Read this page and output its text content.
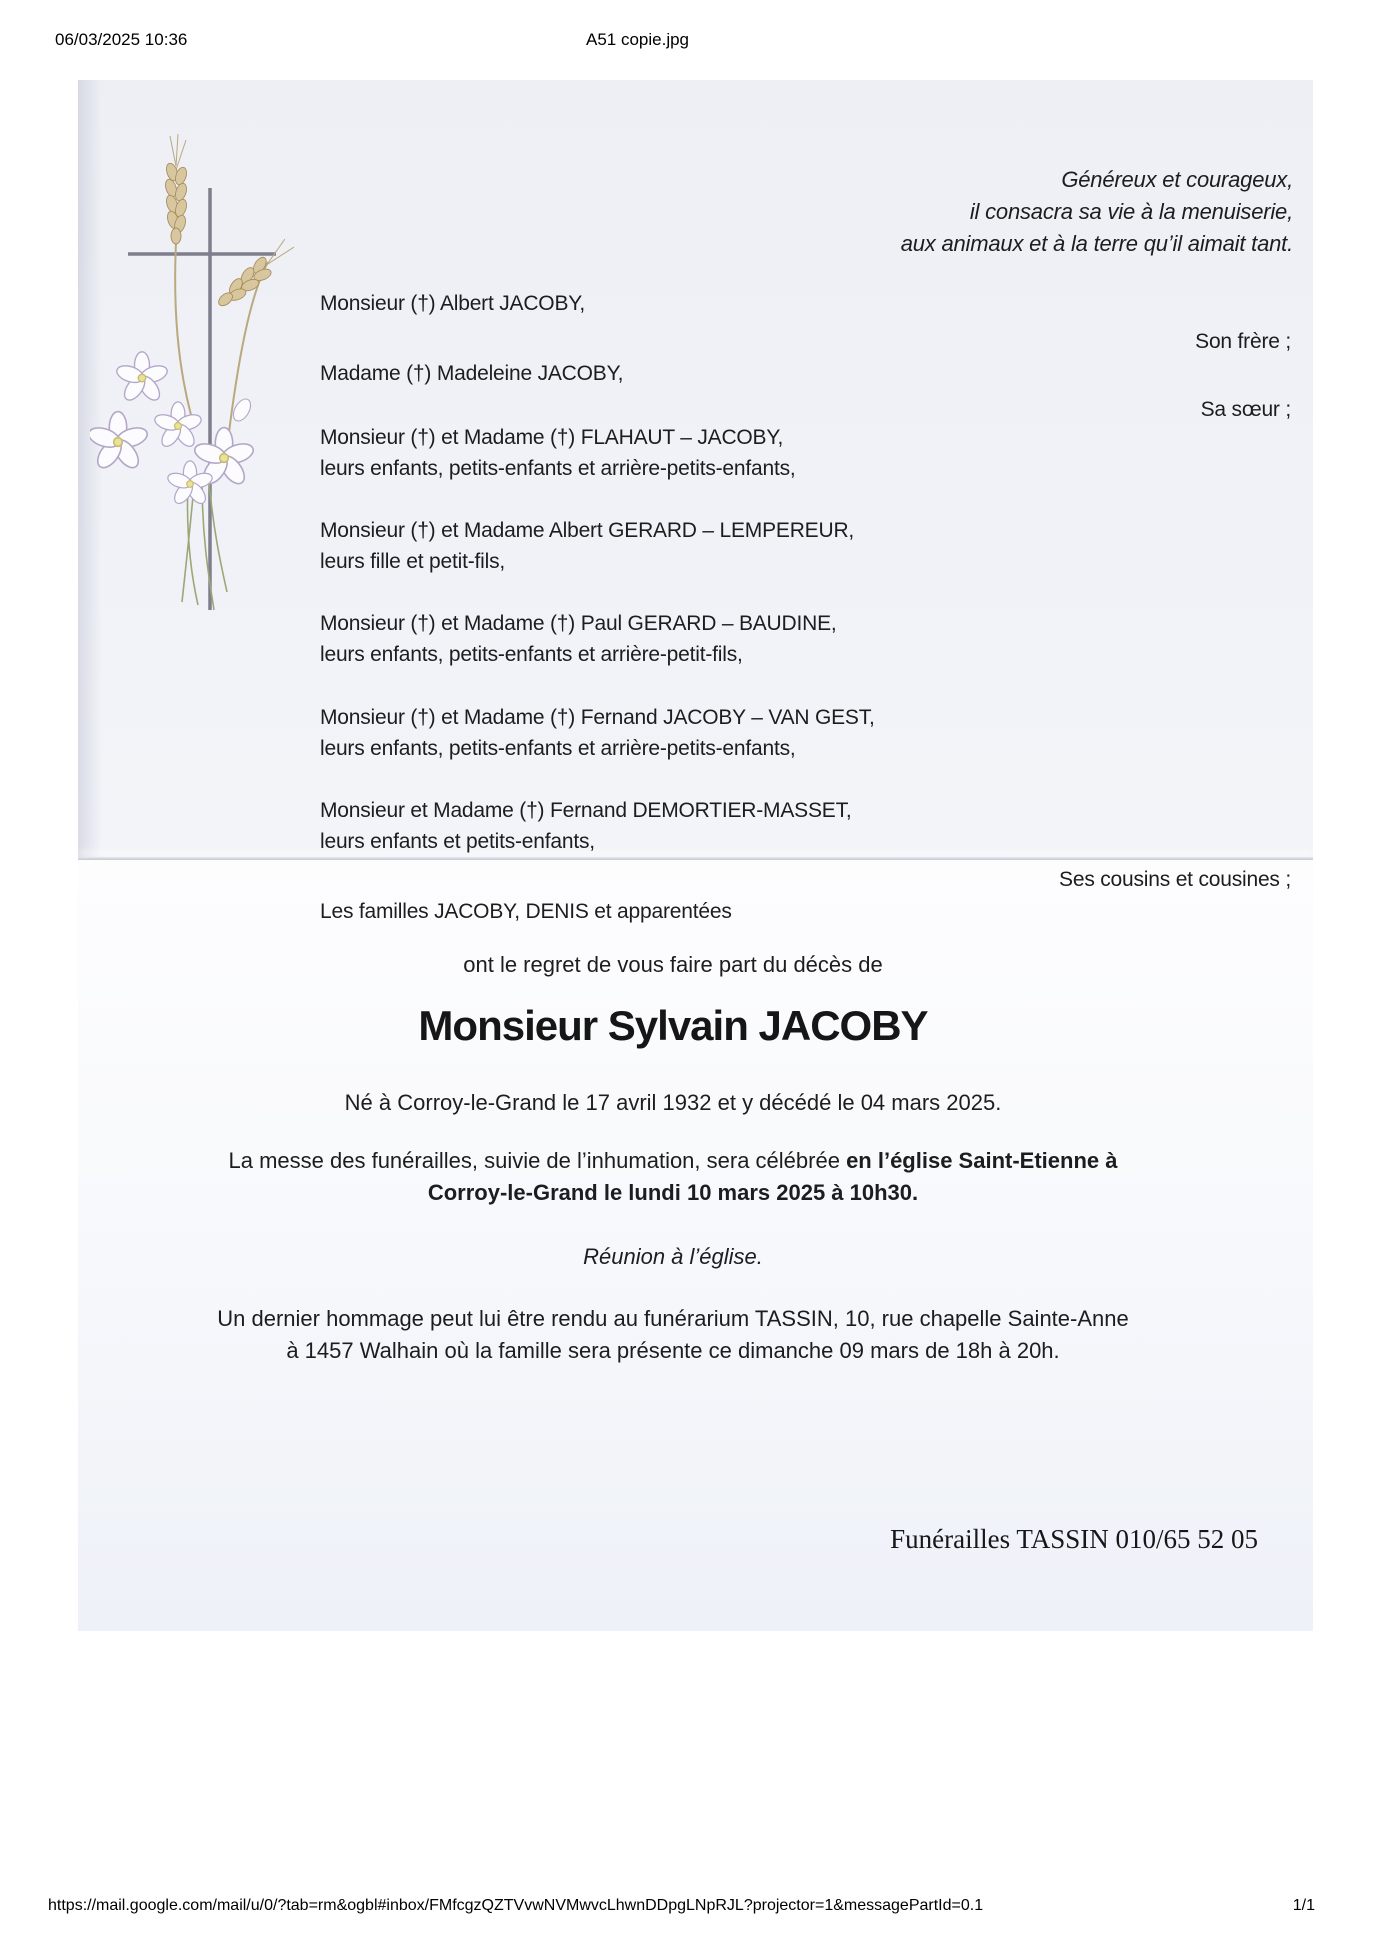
06/03/2025 10:36	A51 copie.jpg
Généreux et courageux,
il consacra sa vie à la menuiserie,
aux animaux et à la terre qu’il aimait tant.
Monsieur (†) Albert JACOBY,
Son frère ;
Madame (†) Madeleine JACOBY,
Sa sœur ;
Monsieur (†) et Madame (†) FLAHAUT – JACOBY,
leurs enfants, petits-enfants et arrière-petits-enfants,
Monsieur (†) et Madame Albert GERARD – LEMPEREUR,
leurs fille et petit-fils,
Monsieur (†) et Madame (†) Paul GERARD – BAUDINE,
leurs enfants, petits-enfants et arrière-petit-fils,
Monsieur (†) et Madame (†) Fernand JACOBY – VAN GEST,
leurs enfants, petits-enfants et arrière-petits-enfants,
Monsieur et Madame (†) Fernand DEMORTIER-MASSET,
leurs enfants et petits-enfants,
Ses cousins et cousines ;
Les familles JACOBY, DENIS et apparentées
ont le regret de vous faire part du décès de
Monsieur Sylvain JACOBY
Né à Corroy-le-Grand le 17 avril 1932 et y décédé le 04 mars 2025.
La messe des funérailles, suivie de l’inhumation, sera célébrée en l’église Saint-Etienne à
Corroy-le-Grand le lundi 10 mars 2025 à 10h30.
Réunion à l’église.
Un dernier hommage peut lui être rendu au funérarium TASSIN, 10, rue chapelle Sainte-Anne
à 1457 Walhain où la famille sera présente ce dimanche 09 mars de 18h à 20h.
Funérailles TASSIN 010/65 52 05
https://mail.google.com/mail/u/0/?tab=rm&ogbl#inbox/FMfcgzQZTVvwNVMwvcLhwnDDpgLNpRJL?projector=1&messagePartId=0.1	1/1
